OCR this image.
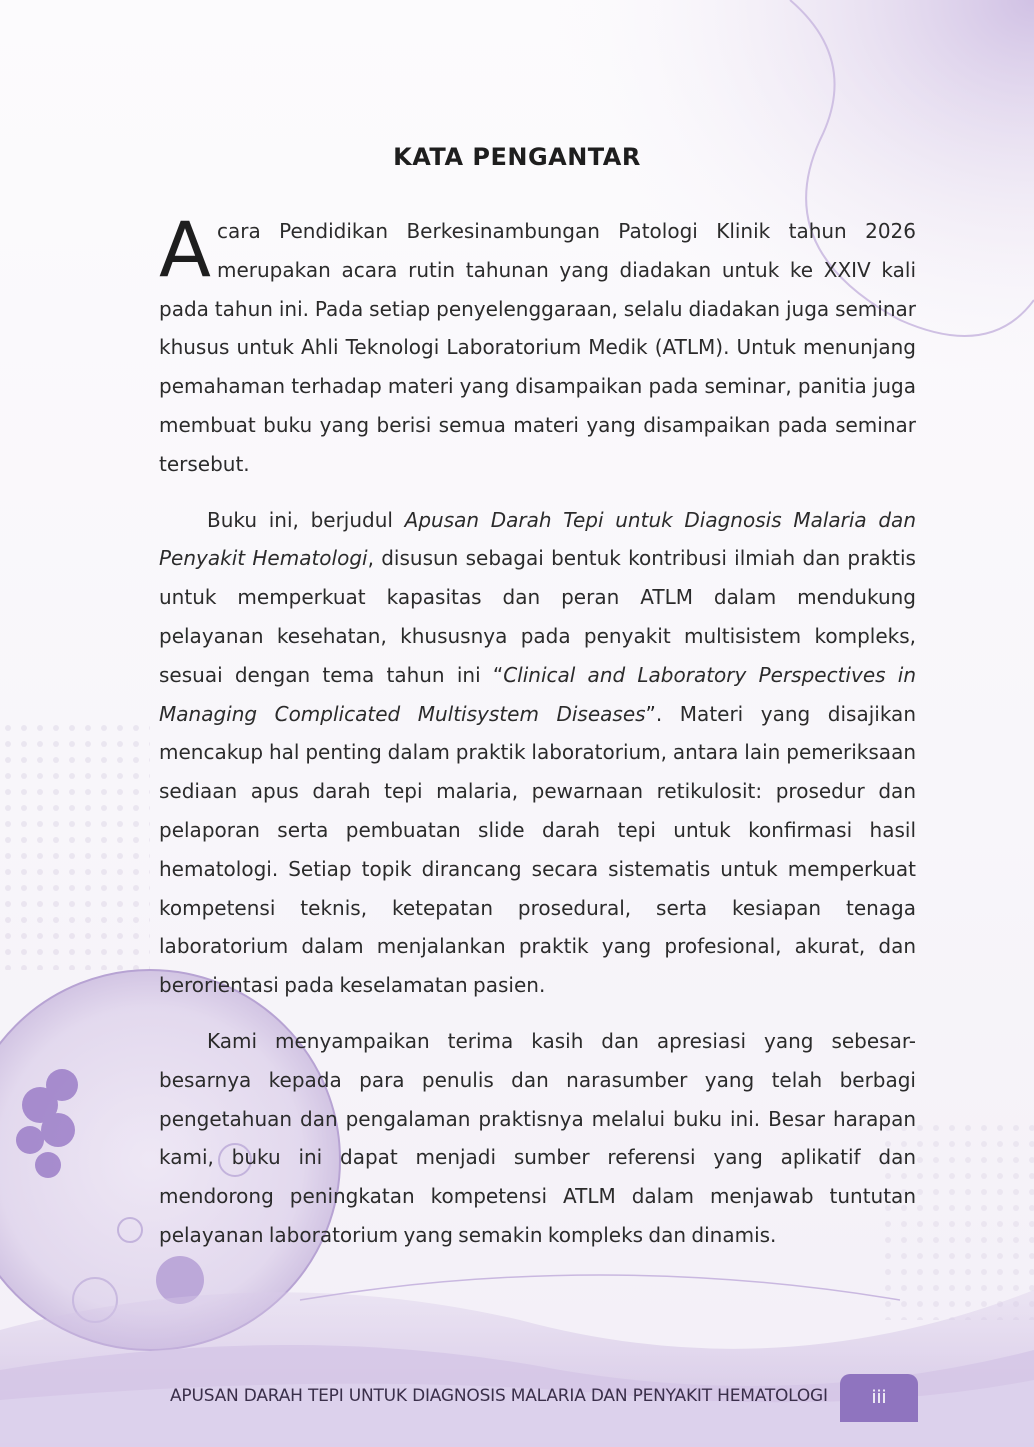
KATA PENGANTAR

Acara Pendidikan Berkesinambungan Patologi Klinik tahun 2026 merupakan acara rutin tahunan yang diadakan untuk ke XXIV kali pada tahun ini. Pada setiap penyelenggaraan, selalu diadakan juga seminar khusus untuk Ahli Teknologi Laboratorium Medik (ATLM). Untuk menunjang pemahaman terhadap materi yang disampaikan pada seminar, panitia juga membuat buku yang berisi semua materi yang disampaikan pada seminar tersebut.

Buku ini, berjudul Apusan Darah Tepi untuk Diagnosis Malaria dan Penyakit Hematologi, disusun sebagai bentuk kontribusi ilmiah dan praktis untuk memperkuat kapasitas dan peran ATLM dalam mendukung pelayanan kesehatan, khususnya pada penyakit multisistem kompleks, sesuai dengan tema tahun ini “Clinical and Laboratory Perspectives in Managing Complicated Multisystem Diseases”. Materi yang disajikan mencakup hal penting dalam praktik laboratorium, antara lain pemeriksaan sediaan apus darah tepi malaria, pewarnaan retikulosit: prosedur dan pelaporan serta pembuatan slide darah tepi untuk konfirmasi hasil hematologi. Setiap topik dirancang secara sistematis untuk memperkuat kompetensi teknis, ketepatan prosedural, serta kesiapan tenaga laboratorium dalam menjalankan praktik yang profesional, akurat, dan berorientasi pada keselamatan pasien.

Kami menyampaikan terima kasih dan apresiasi yang sebesar-besarnya kepada para penulis dan narasumber yang telah berbagi pengetahuan dan pengalaman praktisnya melalui buku ini. Besar harapan kami, buku ini dapat menjadi sumber referensi yang aplikatif dan mendorong peningkatan kompetensi ATLM dalam menjawab tuntutan pelayanan laboratorium yang semakin kompleks dan dinamis.

APUSAN DARAH TEPI UNTUK DIAGNOSIS MALARIA DAN PENYAKIT HEMATOLOGI	iii
